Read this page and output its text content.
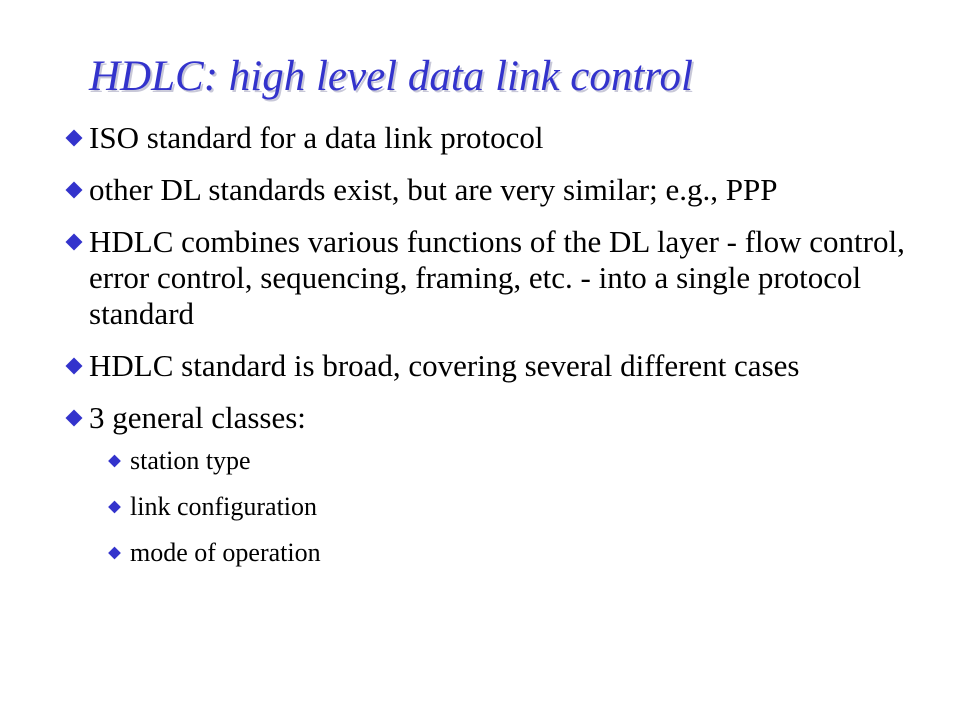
HDLC: high level data link control
ISO standard for a data link protocol
other DL standards exist, but are very similar; e.g., PPP
HDLC combines various functions of the DL layer - flow control, error control, sequencing, framing, etc. - into a single protocol standard
HDLC standard is broad, covering several different cases
3 general classes:
station type
link configuration
mode of operation
